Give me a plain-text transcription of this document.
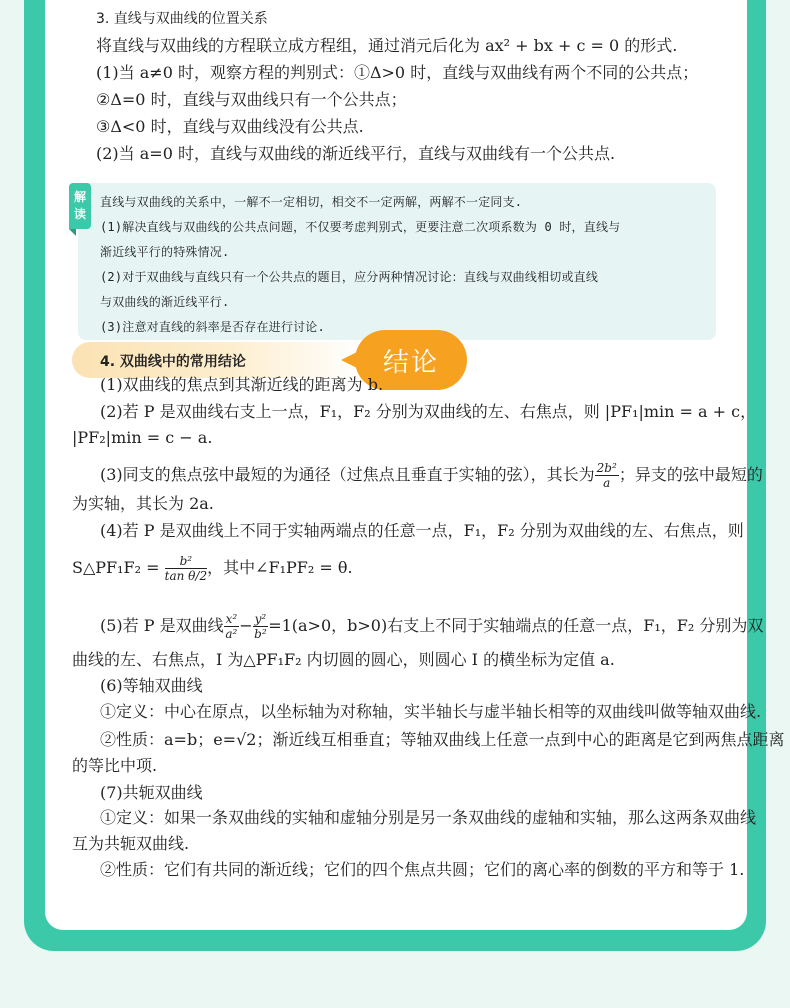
3. 直线与双曲线的位置关系
将直线与双曲线的方程联立成方程组，通过消元后化为 ax² + bx + c = 0 的形式.
(1)当 a≠0 时，观察方程的判别式：①Δ>0 时，直线与双曲线有两个不同的公共点；
②Δ=0 时，直线与双曲线只有一个公共点；
③Δ<0 时，直线与双曲线没有公共点.
(2)当 a=0 时，直线与双曲线的渐近线平行，直线与双曲线有一个公共点.
解
读
直线与双曲线的关系中，一解不一定相切，相交不一定两解，两解不一定同支.
(1)解决直线与双曲线的公共点问题，不仅要考虑判别式，更要注意二次项系数为 0 时，直线与
渐近线平行的特殊情况.
(2)对于双曲线与直线只有一个公共点的题目，应分两种情况讨论：直线与双曲线相切或直线
与双曲线的渐近线平行.
(3)注意对直线的斜率是否存在进行讨论.
4. 双曲线中的常用结论	结论
(1)双曲线的焦点到其渐近线的距离为 b.
(2)若 P 是双曲线右支上一点，F₁，F₂ 分别为双曲线的左、右焦点，则 |PF₁|min = a + c，
|PF₂|min = c − a.
(3)同支的焦点弦中最短的为通径（过焦点且垂直于实轴的弦），其长为 $\frac{\text{2b²}}{a}$ ；异支的弦中最短的
为实轴，其长为 2a.
(4)若 P 是双曲线上不同于实轴两端点的任意一点，F₁，F₂ 分别为双曲线的左、右焦点，则
S△PF₁F₂ = $\frac{\text{b²}}{\text{tan θ/2}}$ ，其中∠F₁PF₂ = θ.
(5)若 P 是双曲线 $\frac{\text{x²}}{\text{a²}} - \frac{\text{y²}}{\text{b²}} =1(a>0$，b>0)右支上不同于实轴端点的任意一点，F₁，F₂ 分别为双
曲线的左、右焦点，I 为△PF₁F₂ 内切圆的圆心，则圆心 I 的横坐标为定值 a.
(6)等轴双曲线
①定义：中心在原点，以坐标轴为对称轴，实半轴长与虚半轴长相等的双曲线叫做等轴双曲线.
②性质：a=b；e=√2；渐近线互相垂直；等轴双曲线上任意一点到中心的距离是它到两焦点距离
的等比中项.
(7)共轭双曲线
①定义：如果一条双曲线的实轴和虚轴分别是另一条双曲线的虚轴和实轴，那么这两条双曲线
互为共轭双曲线.
②性质：它们有共同的渐近线；它们的四个焦点共圆；它们的离心率的倒数的平方和等于 1.
